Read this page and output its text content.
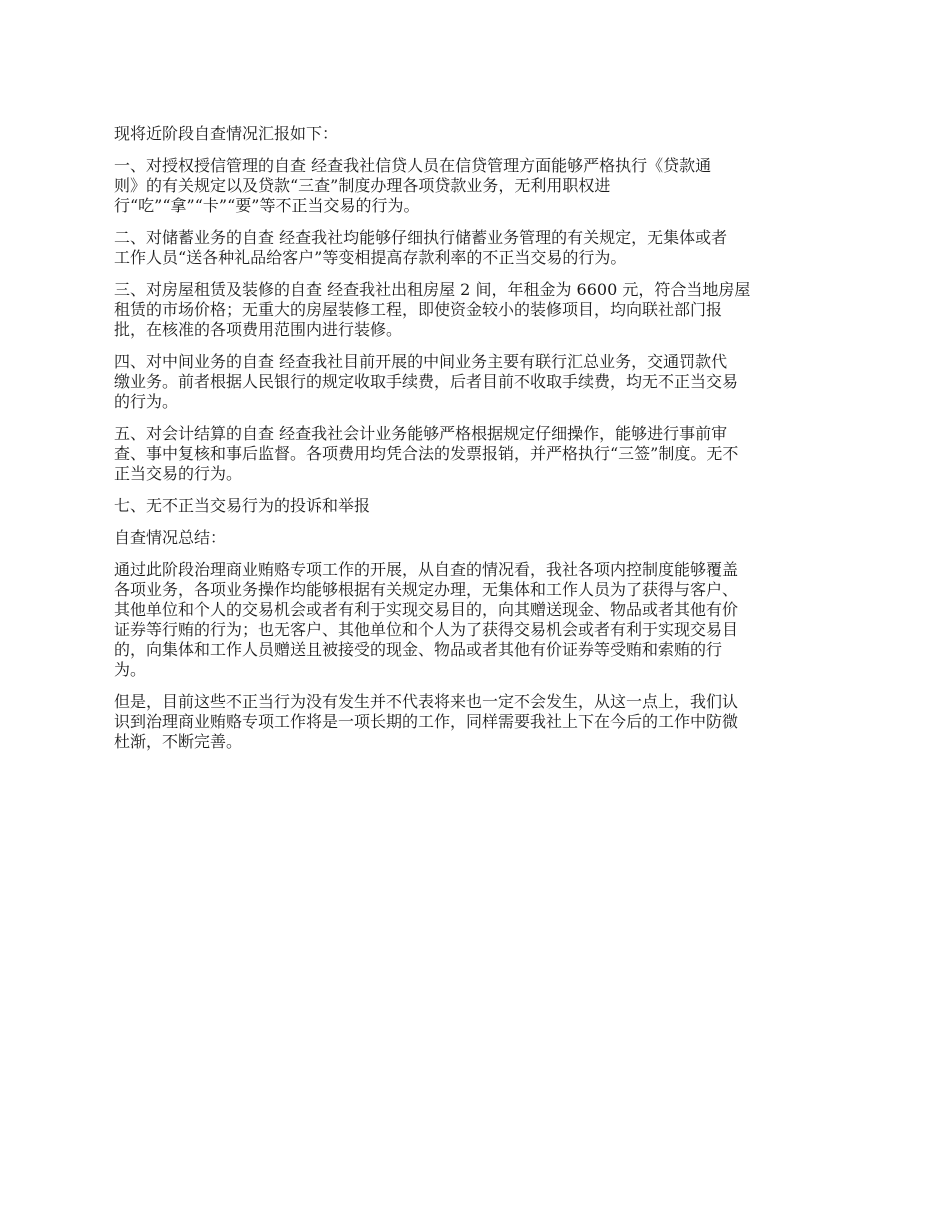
现将近阶段自查情况汇报如下：

一、对授权授信管理的自查 经查我社信贷人员在信贷管理方面能够严格执行《贷款通
则》的有关规定以及贷款“三查”制度办理各项贷款业务，无利用职权进
行“吃”“拿”“卡”“要”等不正当交易的行为。

二、对储蓄业务的自查 经查我社均能够仔细执行储蓄业务管理的有关规定，无集体或者
工作人员“送各种礼品给客户”等变相提高存款利率的不正当交易的行为。

三、对房屋租赁及装修的自查 经查我社出租房屋 2 间，年租金为 6600 元，符合当地房屋
租赁的市场价格；无重大的房屋装修工程，即使资金较小的装修项目，均向联社部门报
批，在核准的各项费用范围内进行装修。

四、对中间业务的自查 经查我社目前开展的中间业务主要有联行汇总业务，交通罚款代
缴业务。前者根据人民银行的规定收取手续费，后者目前不收取手续费，均无不正当交易
的行为。

五、对会计结算的自查 经查我社会计业务能够严格根据规定仔细操作，能够进行事前审
查、事中复核和事后监督。各项费用均凭合法的发票报销，并严格执行“三签”制度。无不
正当交易的行为。

七、无不正当交易行为的投诉和举报

自查情况总结：

通过此阶段治理商业贿赂专项工作的开展，从自查的情况看，我社各项内控制度能够覆盖
各项业务，各项业务操作均能够根据有关规定办理，无集体和工作人员为了获得与客户、
其他单位和个人的交易机会或者有利于实现交易目的，向其赠送现金、物品或者其他有价
证券等行贿的行为；也无客户、其他单位和个人为了获得交易机会或者有利于实现交易目
的，向集体和工作人员赠送且被接受的现金、物品或者其他有价证券等受贿和索贿的行
为。

但是，目前这些不正当行为没有发生并不代表将来也一定不会发生，从这一点上，我们认
识到治理商业贿赂专项工作将是一项长期的工作，同样需要我社上下在今后的工作中防微
杜渐，不断完善。
